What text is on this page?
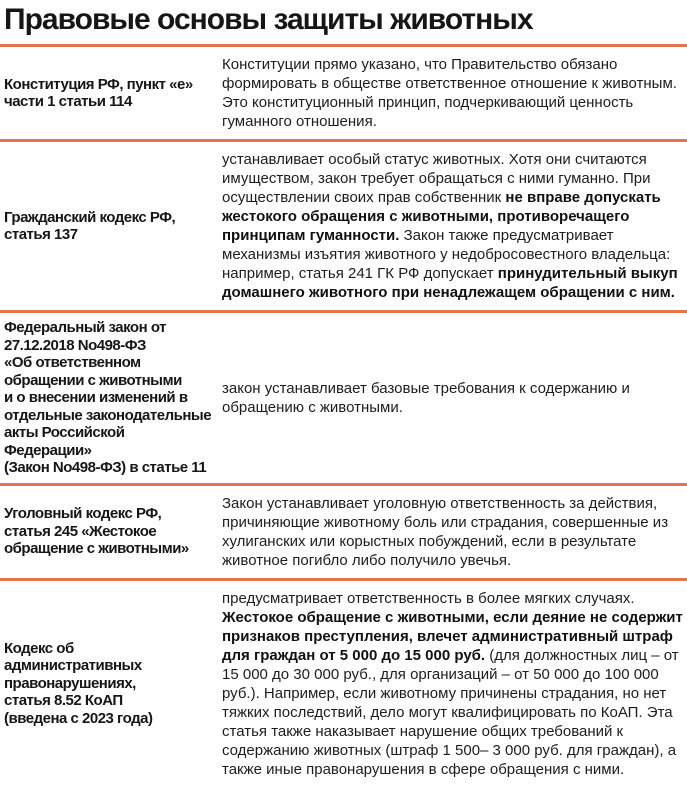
Правовые основы защиты животных
Конституция РФ, пункт «е»
части 1 статьи 114
Конституции прямо указано, что Правительство обязано формировать в обществе ответственное отношение к животным. Это конституционный принцип, подчеркивающий ценность гуманного отношения.
Гражданский кодекс РФ,
статья 137
устанавливает особый статус животных. Хотя они считаются имуществом, закон требует обращаться с ними гуманно. При осуществлении своих прав собственник не вправе допускать жестокого обращения с животными, противоречащего принципам гуманности. Закон также предусматривает механизмы изъятия животного у недобросовестного владельца: например, статья 241 ГК РФ допускает принудительный выкуп домашнего животного при ненадлежащем обращении с ним.
Федеральный закон от
27.12.2018 No498-ФЗ
«Об ответственном
обращении с животными
и о внесении изменений в
отдельные законодательные
акты Российской Федерации»
(Закон No498-ФЗ) в статье 11
закон устанавливает базовые требования к содержанию и обращению с животными.
Уголовный кодекс РФ,
статья 245 «Жестокое
обращение с животными»
Закон устанавливает уголовную ответственность за действия, причиняющие животному боль или страдания, совершенные из хулиганских или корыстных побуждений, если в результате животное погибло либо получило увечья.
Кодекс об административных
правонарушениях,
статья 8.52 КоАП
(введена с 2023 года)
предусматривает ответственность в более мягких случаях. Жестокое обращение с животными, если деяние не содержит признаков преступления, влечет административный штраф для граждан от 5 000 до 15 000 руб. (для должностных лиц – от 15 000 до 30 000 руб., для организаций – от 50 000 до 100 000 руб.). Например, если животному причинены страдания, но нет тяжких последствий, дело могут квалифицировать по КоАП. Эта статья также наказывает нарушение общих требований к содержанию животных (штраф 1 500– 3 000 руб. для граждан), а также иные правонарушения в сфере обращения с ними.
